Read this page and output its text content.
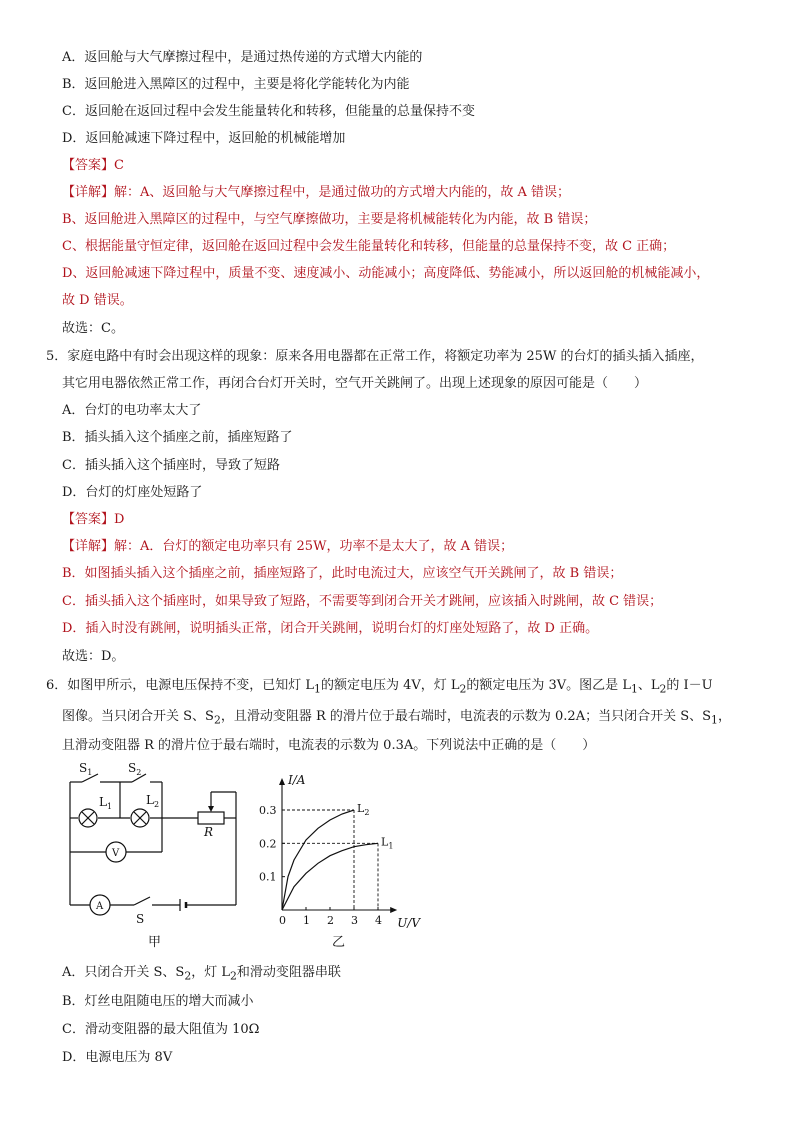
A．返回舱与大气摩擦过程中，是通过热传递的方式增大内能的
B．返回舱进入黑障区的过程中，主要是将化学能转化为内能
C．返回舱在返回过程中会发生能量转化和转移，但能量的总量保持不变
D．返回舱减速下降过程中，返回舱的机械能增加
【答案】C
【详解】解：A、返回舱与大气摩擦过程中，是通过做功的方式增大内能的，故 A 错误；
B、返回舱进入黑障区的过程中，与空气摩擦做功，主要是将机械能转化为内能，故 B 错误；
C、根据能量守恒定律，返回舱在返回过程中会发生能量转化和转移，但能量的总量保持不变，故 C 正确；
D、返回舱减速下降过程中，质量不变、速度减小、动能减小；高度降低、势能减小，所以返回舱的机械能减小，
故 D 错误。
故选：C。
5．家庭电路中有时会出现这样的现象：原来各用电器都在正常工作，将额定功率为 25W 的台灯的插头插入插座，
其它用电器依然正常工作，再闭合台灯开关时，空气开关跳闸了。出现上述现象的原因可能是（　　）
A．台灯的电功率太大了
B．插头插入这个插座之前，插座短路了
C．插头插入这个插座时，导致了短路
D．台灯的灯座处短路了
【答案】D
【详解】解：A．台灯的额定电功率只有 25W，功率不是太大了，故 A 错误；
B．如图插头插入这个插座之前，插座短路了，此时电流过大，应该空气开关跳闸了，故 B 错误；
C．插头插入这个插座时，如果导致了短路，不需要等到闭合开关才跳闸，应该插入时跳闸，故 C 错误；
D．插入时没有跳闸，说明插头正常，闭合开关跳闸，说明台灯的灯座处短路了，故 D 正确。
故选：D。
6．如图甲所示，电源电压保持不变，已知灯 $L_1$的额定电压为 4V，灯 $L_2$的额定电压为 3V。图乙是 $L_1$、$L_2$的 I－U
图像。当只闭合开关 S、$S_2$，且滑动变阻器 R 的滑片位于最右端时，电流表的示数为 0.2A；当只闭合开关 S、$S_1$，
且滑动变阻器 R 的滑片位于最右端时，电流表的示数为 0.3A。下列说法中正确的是（　　）
$S_1$	$S_2$
$L_1$	$L_2$
R
V
A
S
甲
0 1 2 3 4
0.1
0.2
0.3	$L_2$
$L_1$
I/A
U/V
乙
A．只闭合开关 S、$S_2$，灯 $L_2$和滑动变阻器串联
B．灯丝电阻随电压的增大而减小
C．滑动变阻器的最大阻值为 10Ω
D．电源电压为 8V
